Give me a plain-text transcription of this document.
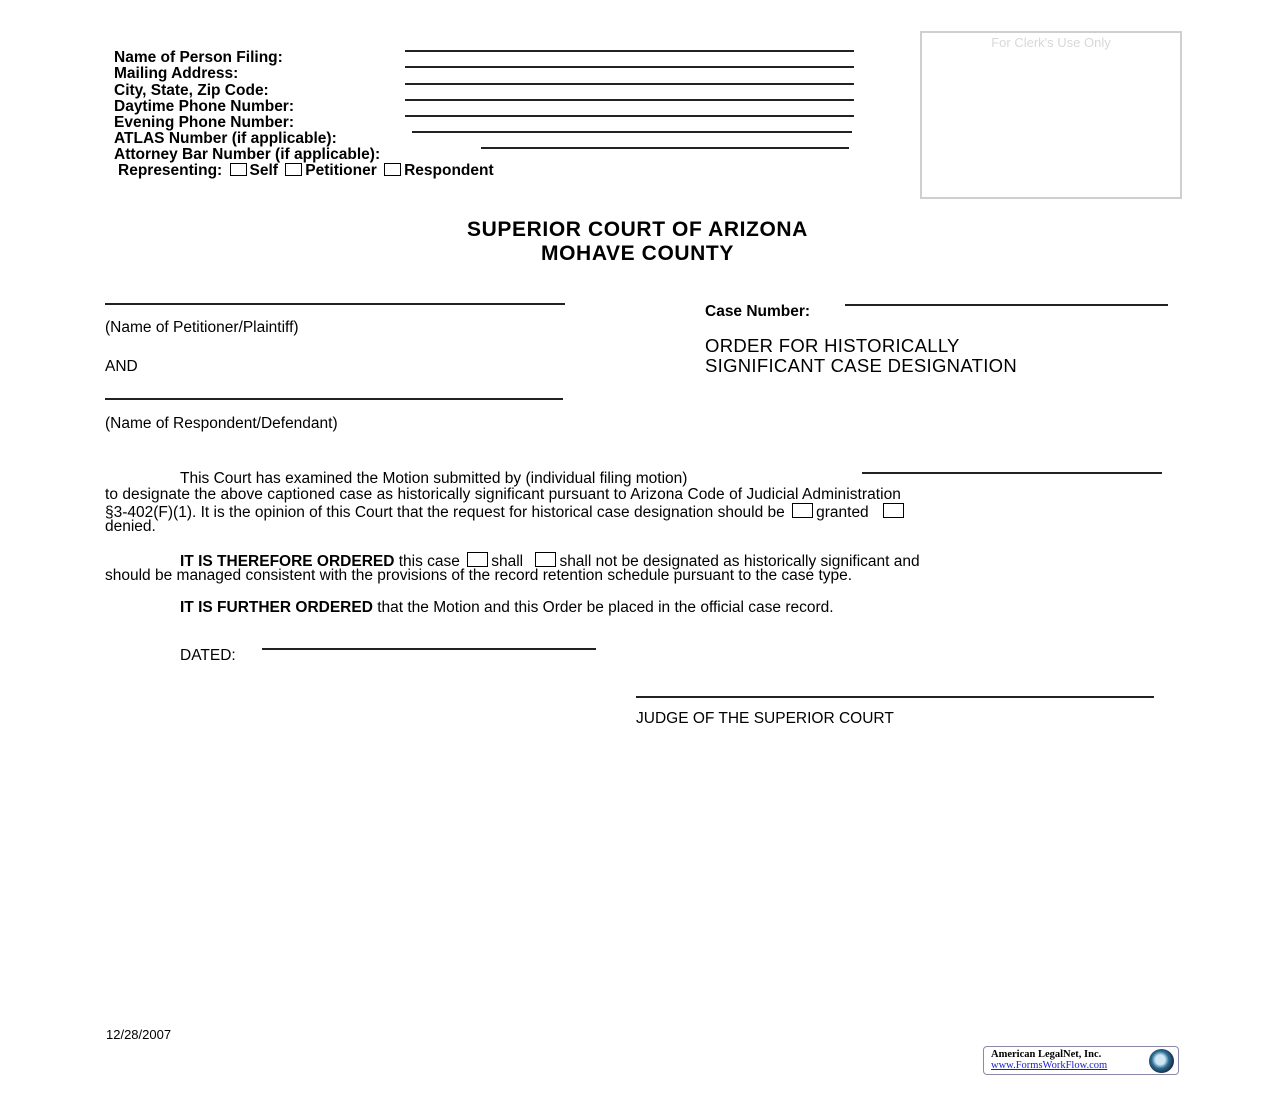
Name of Person Filing:
Mailing Address:
City, State, Zip Code:
Daytime Phone Number:
Evening Phone Number:
ATLAS Number (if applicable):
Attorney Bar Number (if applicable):
Representing: Self Petitioner Respondent
For Clerk's Use Only
SUPERIOR COURT OF ARIZONA
MOHAVE COUNTY
(Name of Petitioner/Plaintiff)
AND
(Name of Respondent/Defendant)
Case Number:
ORDER FOR HISTORICALLY
SIGNIFICANT CASE DESIGNATION
This Court has examined the Motion submitted by (individual filing motion)
to designate the above captioned case as historically significant pursuant to Arizona Code of Judicial Administration
§3-402(F)(1). It is the opinion of this Court that the request for historical case designation should be granted
denied.
IT IS THEREFORE ORDERED this case shall shall not be designated as historically significant and
should be managed consistent with the provisions of the record retention schedule pursuant to the case type.
IT IS FURTHER ORDERED that the Motion and this Order be placed in the official case record.
DATED:
JUDGE OF THE SUPERIOR COURT
12/28/2007
American LegalNet, Inc.
www.FormsWorkFlow.com
